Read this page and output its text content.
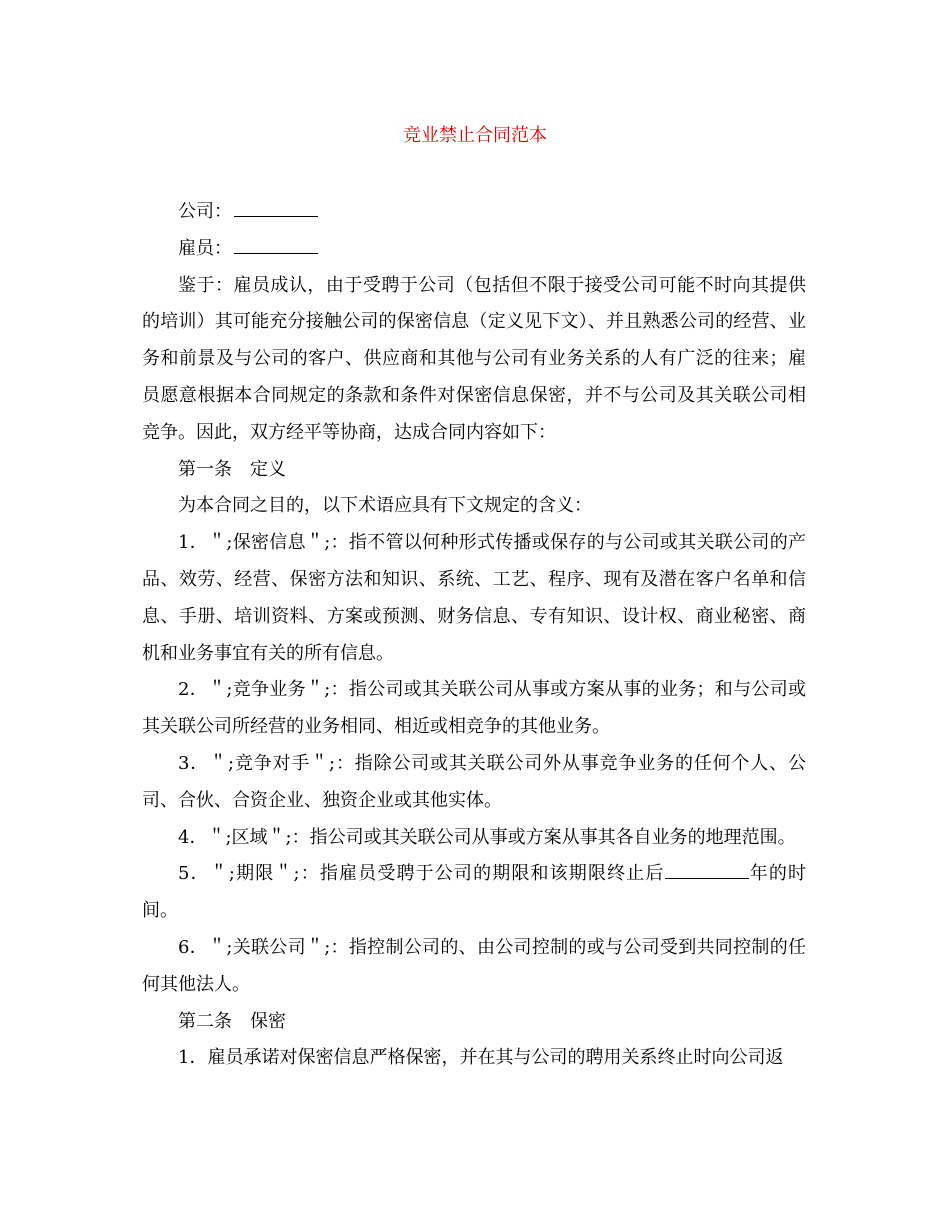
竞业禁止合同范本

公司：

雇员：

鉴于：雇员成认，由于受聘于公司（包括但不限于接受公司可能不时向其提供的培训）其可能充分接触公司的保密信息（定义见下文）、并且熟悉公司的经营、业务和前景及与公司的客户、供应商和其他与公司有业务关系的人有广泛的往来；雇员愿意根据本合同规定的条款和条件对保密信息保密，并不与公司及其关联公司相竞争。因此，双方经平等协商，达成合同内容如下：

第一条　定义

为本合同之目的，以下术语应具有下文规定的含义：

1．＂;保密信息＂;：指不管以何种形式传播或保存的与公司或其关联公司的产品、效劳、经营、保密方法和知识、系统、工艺、程序、现有及潜在客户名单和信息、手册、培训资料、方案或预测、财务信息、专有知识、设计权、商业秘密、商机和业务事宜有关的所有信息。

2．＂;竞争业务＂;：指公司或其关联公司从事或方案从事的业务；和与公司或其关联公司所经营的业务相同、相近或相竞争的其他业务。

3．＂;竞争对手＂;：指除公司或其关联公司外从事竞争业务的任何个人、公司、合伙、合资企业、独资企业或其他实体。

4．＂;区域＂;：指公司或其关联公司从事或方案从事其各自业务的地理范围。

5．＂;期限＂;：指雇员受聘于公司的期限和该期限终止后	年的时间。

6．＂;关联公司＂;：指控制公司的、由公司控制的或与公司受到共同控制的任何其他法人。

第二条　保密

1．雇员承诺对保密信息严格保密，并在其与公司的聘用关系终止时向公司返
